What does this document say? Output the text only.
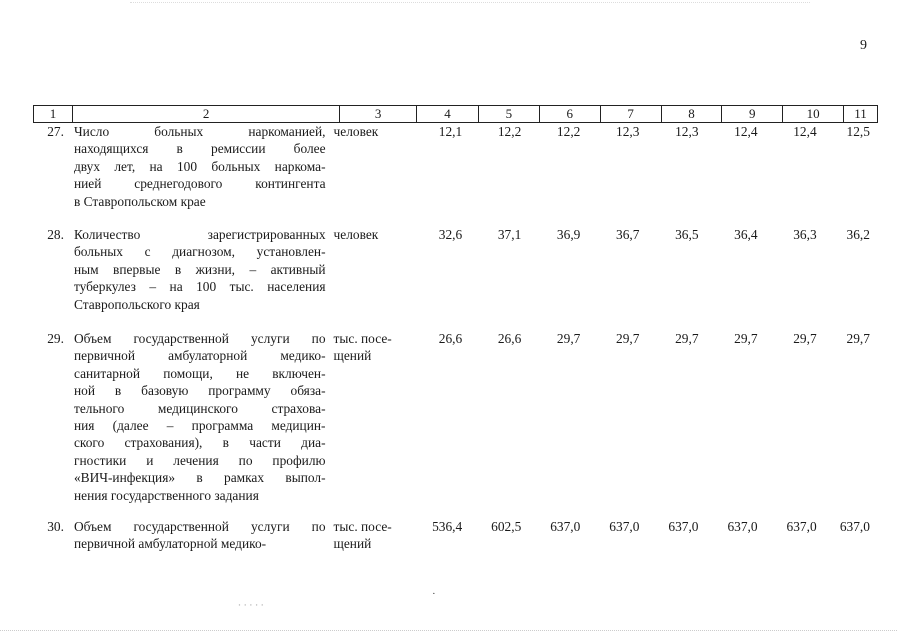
9
1	2	3	4	5	6	7	8	9	10	11
27. Число больных наркоманией,
находящихся в ремиссии более
двух лет, на 100 больных наркома-
нией среднегодового контингента
в Ставропольском крае
человек	12,1	12,2	12,2	12,3	12,3	12,4	12,4	12,5
28. Количество зарегистрированных
больных с диагнозом, установлен-
ным впервые в жизни, – активный
туберкулез – на 100 тыс. населения
Ставропольского края
человек	32,6	37,1	36,9	36,7	36,5	36,4	36,3	36,2
29. Объем государственной услуги по
первичной амбулаторной медико-
санитарной помощи, не включен-
ной в базовую программу обяза-
тельного медицинского страхова-
ния (далее – программа медицин-
ского страхования), в части диа-
гностики и лечения по профилю
«ВИЧ-инфекция» в рамках выпол-
нения государственного задания
тыс. посе-
щений
26,6	26,6	29,7	29,7	29,7	29,7	29,7	29,7
30. Объем государственной услуги по
первичной амбулаторной медико-
тыс. посе-
щений
536,4	602,5	637,0	637,0	637,0	637,0	637,0	637,0
⸱ ⸱ ⸱ ⸱ ⸱
·
